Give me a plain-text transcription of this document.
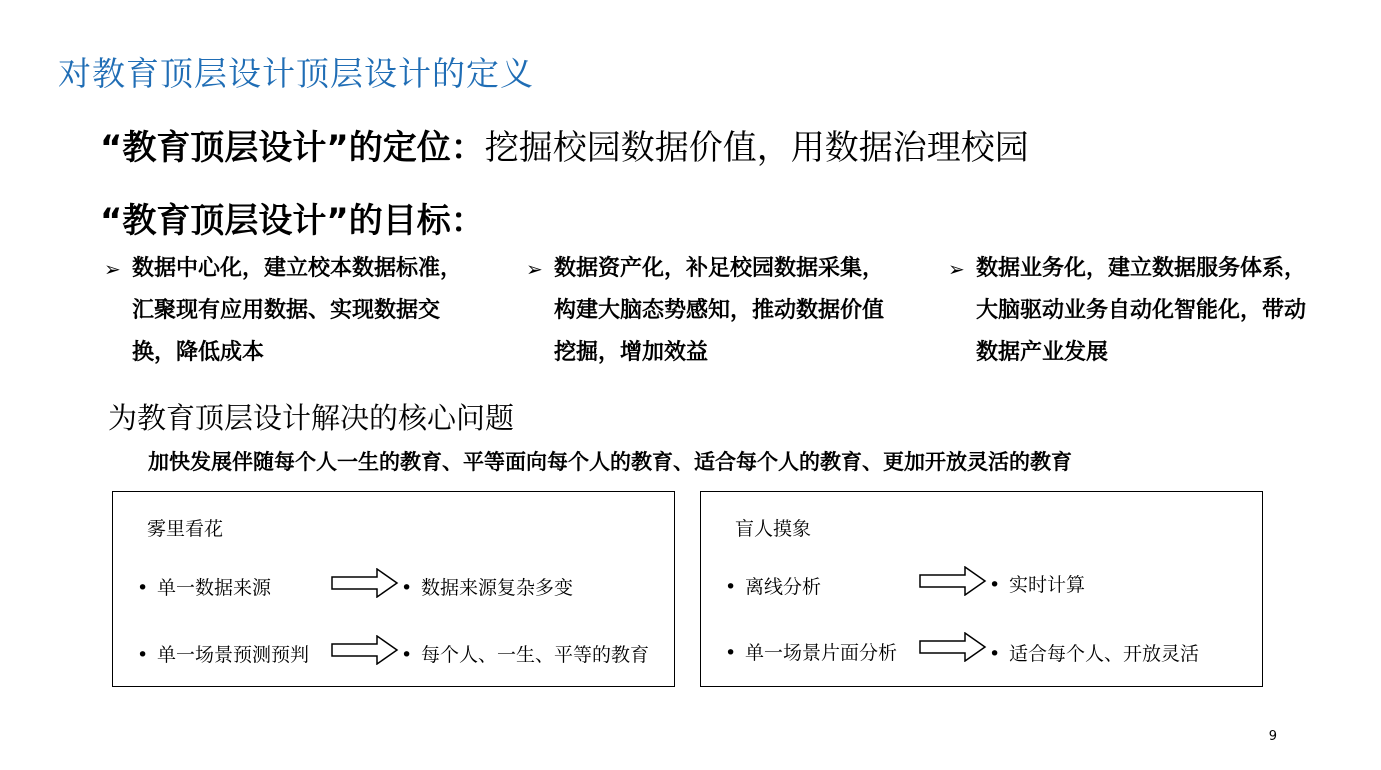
对教育顶层设计顶层设计的定义
“教育顶层设计”的定位：挖掘校园数据价值，用数据治理校园
“教育顶层设计”的目标：
➢ 数据中心化，建立校本数据标准，汇聚现有应用数据、实现数据交换，降低成本
➢ 数据资产化，补足校园数据采集，构建大脑态势感知，推动数据价值挖掘，增加效益
➢ 数据业务化，建立数据服务体系，大脑驱动业务自动化智能化，带动数据产业发展
为教育顶层设计解决的核心问题
加快发展伴随每个人一生的教育、平等面向每个人的教育、适合每个人的教育、更加开放灵活的教育
雾里看花
• 单一数据来源	• 数据来源复杂多变
• 单一场景预测预判	• 每个人、一生、平等的教育
盲人摸象
• 离线分析	• 实时计算
• 单一场景片面分析	• 适合每个人、开放灵活
9
